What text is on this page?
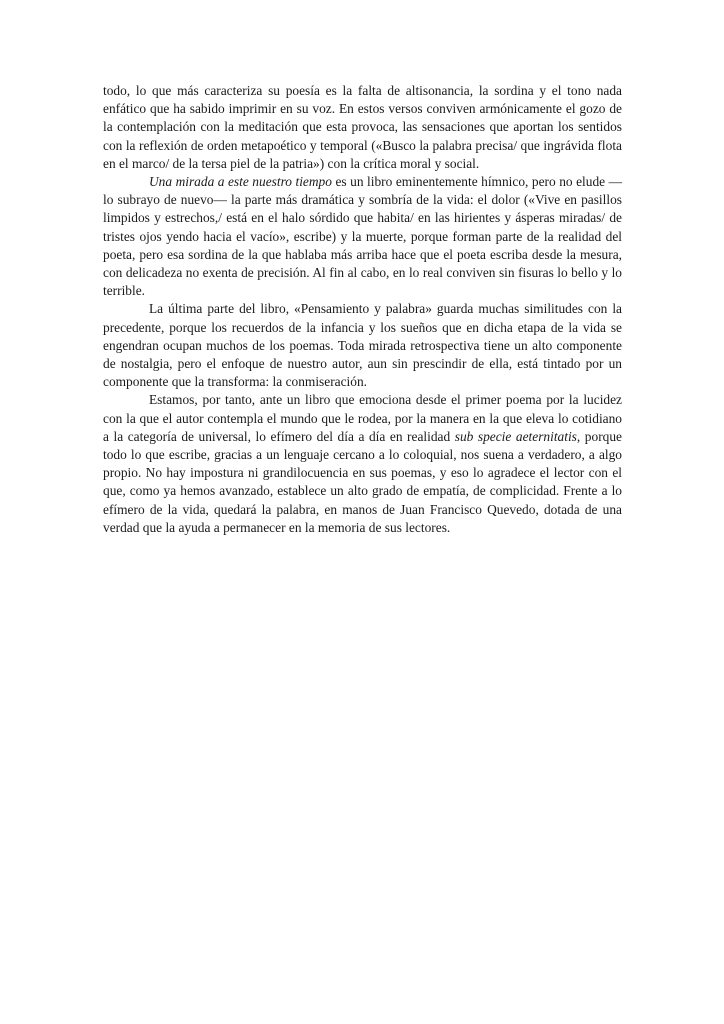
todo, lo que más caracteriza su poesía es la falta de altisonancia, la sordina y el tono nada enfático que ha sabido imprimir en su voz. En estos versos conviven armónicamente el gozo de la contemplación con la meditación que esta provoca, las sensaciones que aportan los sentidos con la reflexión de orden metapoético y temporal («Busco la palabra precisa/ que ingrávida flota en el marco/ de la tersa piel de la patria») con la crítica moral y social.

Una mirada a este nuestro tiempo es un libro eminentemente hímnico, pero no elude —lo subrayo de nuevo— la parte más dramática y sombría de la vida: el dolor («Vive en pasillos limpidos y estrechos,/ está en el halo sórdido que habita/ en las hirientes y ásperas miradas/ de tristes ojos yendo hacia el vacío», escribe) y la muerte, porque forman parte de la realidad del poeta, pero esa sordina de la que hablaba más arriba hace que el poeta escriba desde la mesura, con delicadeza no exenta de precisión. Al fin al cabo, en lo real conviven sin fisuras lo bello y lo terrible.

La última parte del libro, «Pensamiento y palabra» guarda muchas similitudes con la precedente, porque los recuerdos de la infancia y los sueños que en dicha etapa de la vida se engendran ocupan muchos de los poemas. Toda mirada retrospectiva tiene un alto componente de nostalgia, pero el enfoque de nuestro autor, aun sin prescindir de ella, está tintado por un componente que la transforma: la conmiseración.

Estamos, por tanto, ante un libro que emociona desde el primer poema por la lucidez con la que el autor contempla el mundo que le rodea, por la manera en la que eleva lo cotidiano a la categoría de universal, lo efímero del día a día en realidad sub specie aeternitatis, porque todo lo que escribe, gracias a un lenguaje cercano a lo coloquial, nos suena a verdadero, a algo propio. No hay impostura ni grandilocuencia en sus poemas, y eso lo agradece el lector con el que, como ya hemos avanzado, establece un alto grado de empatía, de complicidad. Frente a lo efímero de la vida, quedará la palabra, en manos de Juan Francisco Quevedo, dotada de una verdad que la ayuda a permanecer en la memoria de sus lectores.
